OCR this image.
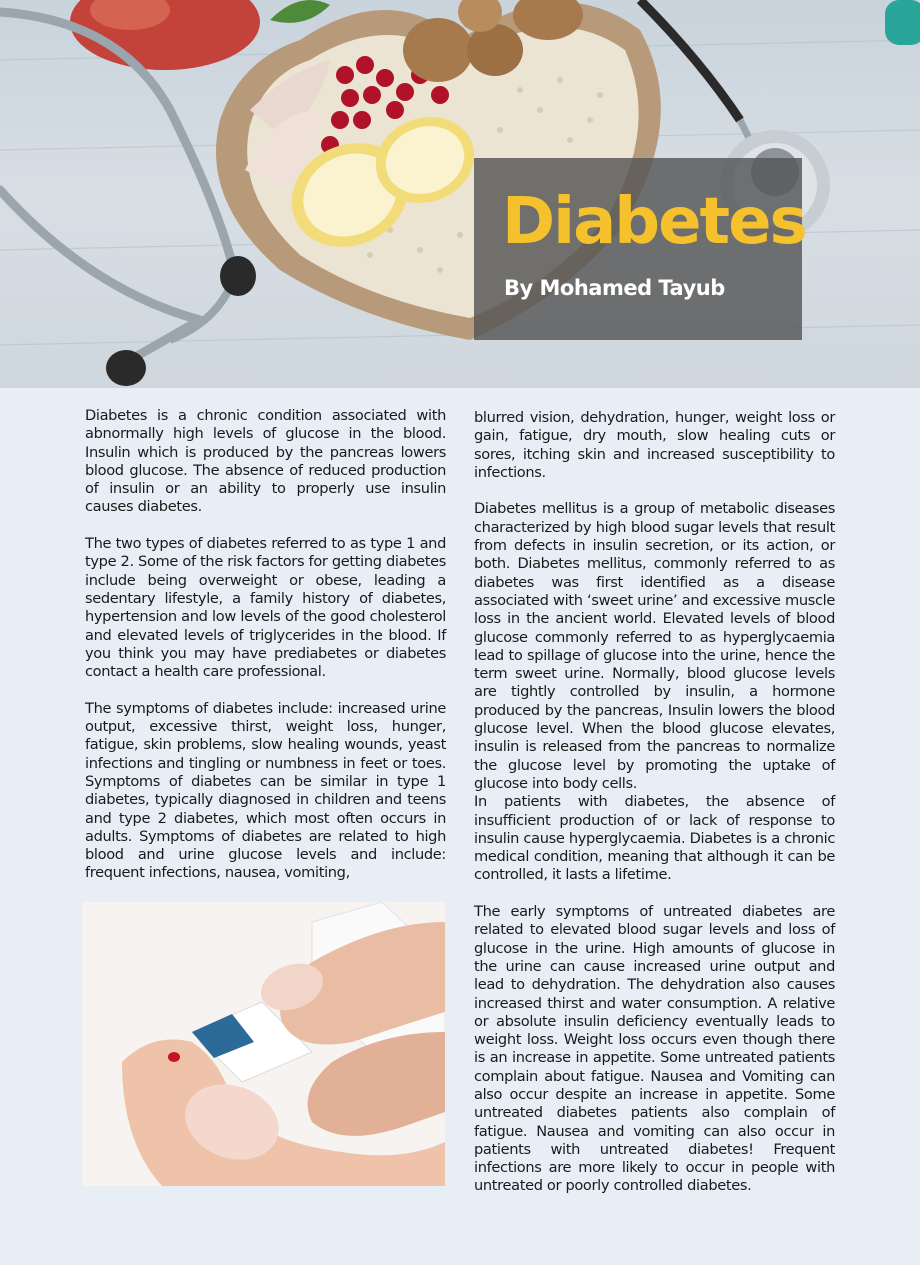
Diabetes
By Mohamed Tayub

Diabetes is a chronic condition associated with abnormally high levels of glucose in the blood. Insulin which is produced by the pancreas lowers blood glucose. The absence of reduced production of insulin or an ability to properly use insulin causes diabetes.

The two types of diabetes referred to as type 1 and type 2. Some of the risk factors for getting diabetes include being overweight or obese, leading a sedentary lifestyle, a family history of diabetes, hypertension and low levels of the good cholesterol and elevated levels of triglycerides in the blood. If you think you may have prediabetes or diabetes contact a health care professional.

The symptoms of diabetes include: increased urine output, excessive thirst, weight loss, hunger, fatigue, skin problems, slow healing wounds, yeast infections and tingling or numbness in feet or toes. Symptoms of diabetes can be similar in type 1 diabetes, typically diagnosed in children and teens and type 2 diabetes, which most often occurs in adults. Symptoms of diabetes are related to high blood and urine glucose levels and include: frequent infections, nausea, vomiting,

blurred vision, dehydration, hunger, weight loss or gain, fatigue, dry mouth, slow healing cuts or sores, itching skin and increased susceptibility to infections.

Diabetes mellitus is a group of metabolic diseases characterized by high blood sugar levels that result from defects in insulin secretion, or its action, or both. Diabetes mellitus, commonly referred to as diabetes was first identified as a disease associated with ‘sweet urine’ and excessive muscle loss in the ancient world. Elevated levels of blood glucose commonly referred to as hyperglycaemia lead to spillage of glucose into the urine, hence the term sweet urine. Normally, blood glucose levels are tightly controlled by insulin, a hormone produced by the pancreas, Insulin lowers the blood glucose level. When the blood glucose elevates, insulin is released from the pancreas to normalize the glucose level by promoting the uptake of glucose into body cells.

In patients with diabetes, the absence of insufficient production of or lack of response to insulin cause hyperglycaemia. Diabetes is a chronic medical condition, meaning that although it can be controlled, it lasts a lifetime.

The early symptoms of untreated diabetes are related to elevated blood sugar levels and loss of glucose in the urine. High amounts of glucose in the urine can cause increased urine output and lead to dehydration. The dehydration also causes increased thirst and water consumption. A relative or absolute insulin deficiency eventually leads to weight loss. Weight loss occurs even though there is an increase in appetite. Some untreated patients complain about fatigue. Nausea and Vomiting can also occur despite an increase in appetite. Some untreated diabetes patients also complain of fatigue. Nausea and vomiting can also occur in patients with untreated diabetes! Frequent infections are more likely to occur in people with untreated or poorly controlled diabetes.
